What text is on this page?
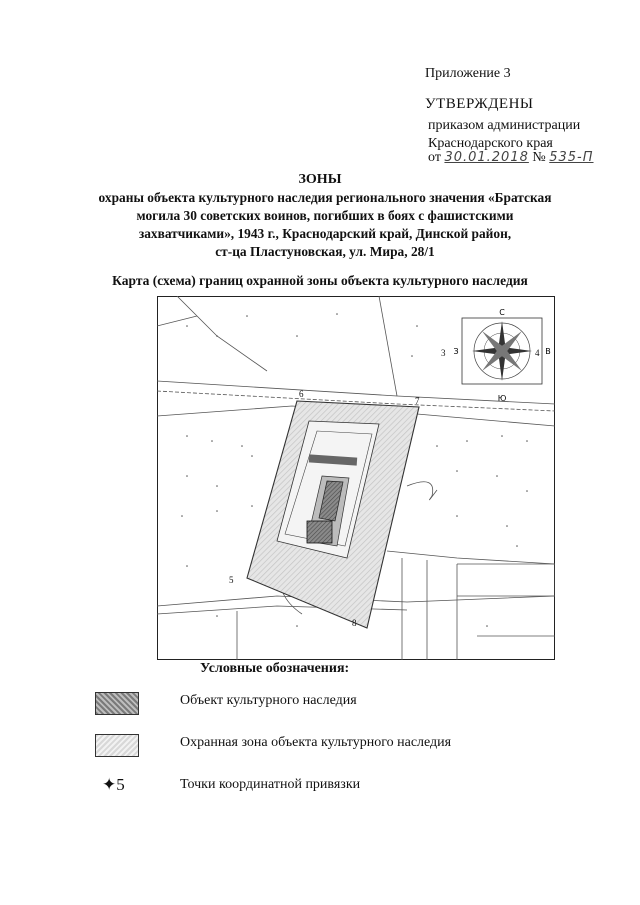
Приложение 3
УТВЕРЖДЕНЫ
приказом администрации
Краснодарского края
от 30.01.2018 № 535-П
ЗОНЫ
охраны объекта культурного наследия регионального значения «Братская
могила 30 советских воинов, погибших в боях с фашистскими
захватчиками», 1943 г., Краснодарский край, Динской район,
ст-ца Пластуновская, ул. Мира, 28/1
Карта (схема) границ охранной зоны объекта культурного наследия
С
Ю
З	В
3	4
5
6
7
8
Условные обозначения:
Объект культурного наследия
Охранная зона объекта культурного наследия
✦5	Точки координатной привязки
